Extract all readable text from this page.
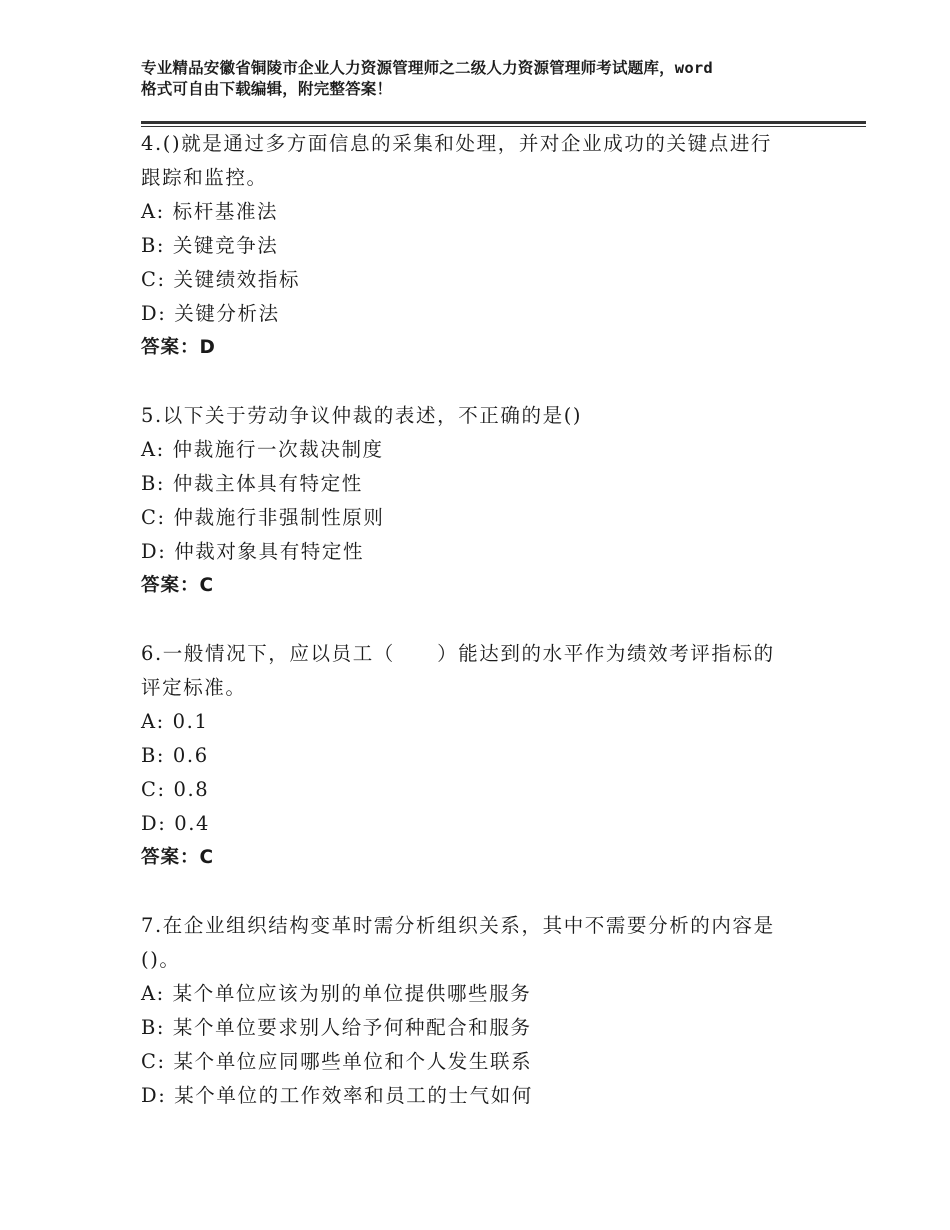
专业精品安徽省铜陵市企业人力资源管理师之二级人力资源管理师考试题库，word
格式可自由下载编辑，附完整答案！

4.()就是通过多方面信息的采集和处理，并对企业成功的关键点进行

跟踪和监控。

A: 标杆基准法

B: 关键竞争法

C: 关键绩效指标

D: 关键分析法

答案：D

5.以下关于劳动争议仲裁的表述，不正确的是()

A: 仲裁施行一次裁决制度

B: 仲裁主体具有特定性

C: 仲裁施行非强制性原则

D: 仲裁对象具有特定性

答案：C

6.一般情况下，应以员工（　　）能达到的水平作为绩效考评指标的

评定标准。

A: 0.1

B: 0.6

C: 0.8

D: 0.4

答案：C

7.在企业组织结构变革时需分析组织关系，其中不需要分析的内容是

()。

A: 某个单位应该为别的单位提供哪些服务

B: 某个单位要求别人给予何种配合和服务

C: 某个单位应同哪些单位和个人发生联系

D: 某个单位的工作效率和员工的士气如何
